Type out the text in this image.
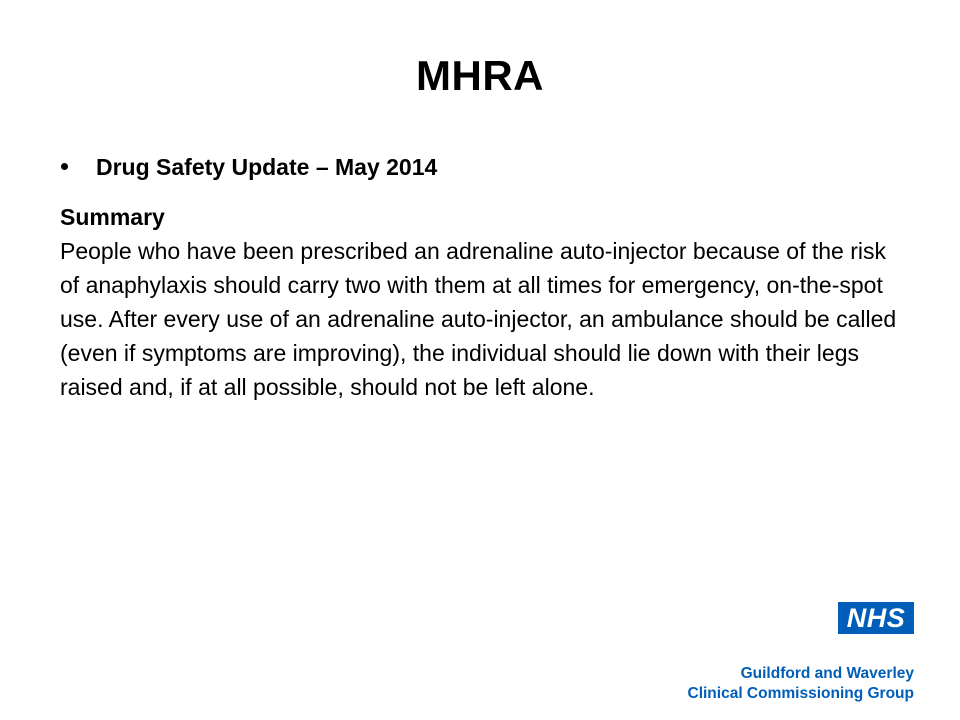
MHRA
Drug Safety Update – May 2014
Summary

People who have been prescribed an adrenaline auto-injector because of the risk of anaphylaxis should carry two with them at all times for emergency, on-the-spot use. After every use of an adrenaline auto-injector, an ambulance should be called (even if symptoms are improving), the individual should lie down with their legs raised and, if at all possible, should not be left alone.

NHS
Guildford and Waverley
Clinical Commissioning Group
